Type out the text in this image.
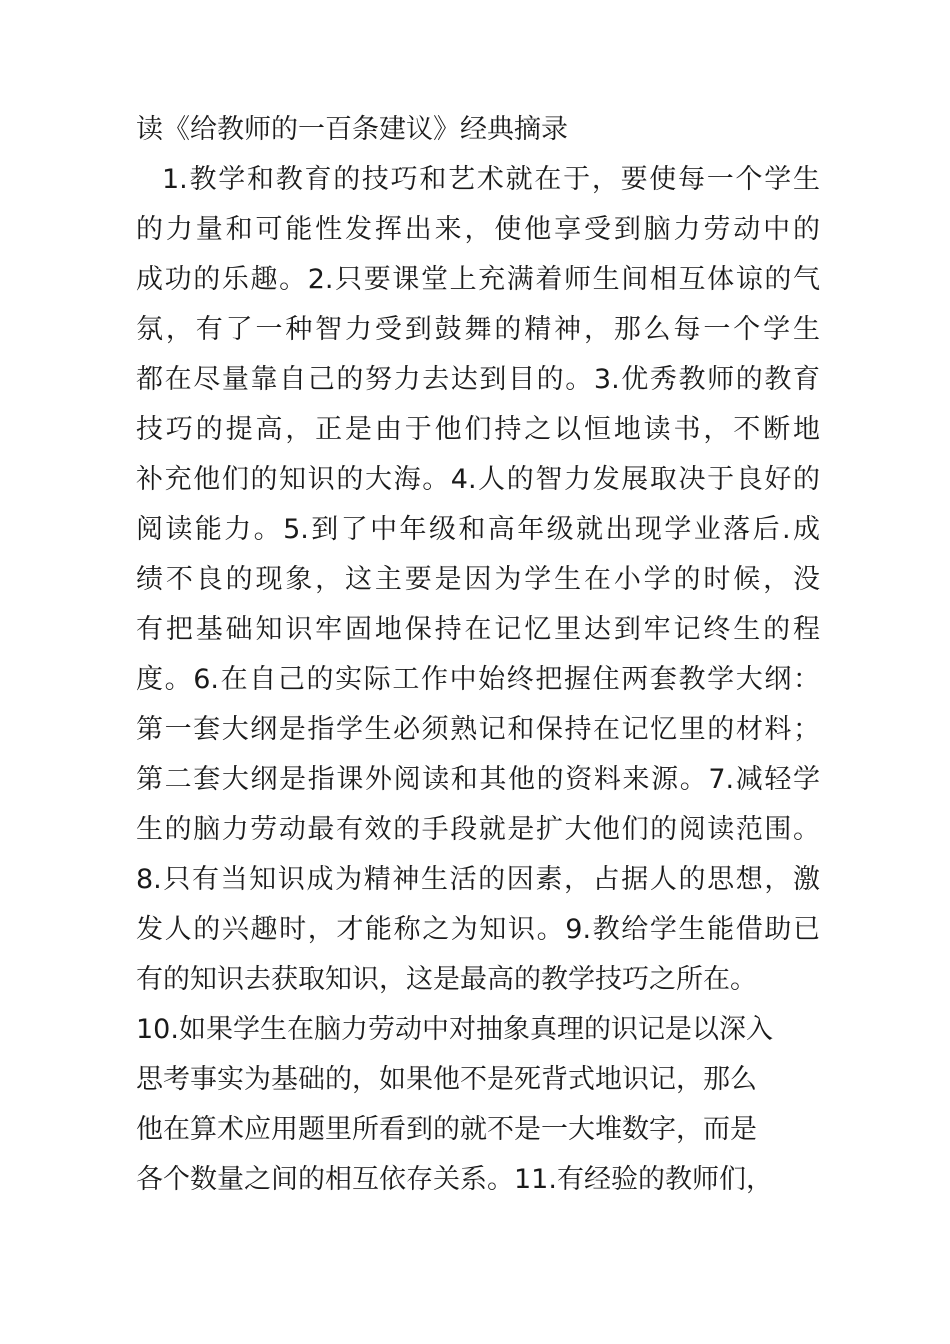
读《给教师的一百条建议》经典摘录
1.教学和教育的技巧和艺术就在于，要使每一个学生
的力量和可能性发挥出来，使他享受到脑力劳动中的
成功的乐趣。2.只要课堂上充满着师生间相互体谅的气
氛，有了一种智力受到鼓舞的精神，那么每一个学生
都在尽量靠自己的努力去达到目的。3.优秀教师的教育
技巧的提高，正是由于他们持之以恒地读书，不断地
补充他们的知识的大海。4.人的智力发展取决于良好的
阅读能力。5.到了中年级和高年级就出现学业落后.成
绩不良的现象，这主要是因为学生在小学的时候，没
有把基础知识牢固地保持在记忆里达到牢记终生的程
度。6.在自己的实际工作中始终把握住两套教学大纲：
第一套大纲是指学生必须熟记和保持在记忆里的材料；
第二套大纲是指课外阅读和其他的资料来源。7.减轻学
生的脑力劳动最有效的手段就是扩大他们的阅读范围。
8.只有当知识成为精神生活的因素，占据人的思想，激
发人的兴趣时，才能称之为知识。9.教给学生能借助已
有的知识去获取知识，这是最高的教学技巧之所在。
10.如果学生在脑力劳动中对抽象真理的识记是以深入
思考事实为基础的，如果他不是死背式地识记，那么
他在算术应用题里所看到的就不是一大堆数字，而是
各个数量之间的相互依存关系。11.有经验的教师们，
